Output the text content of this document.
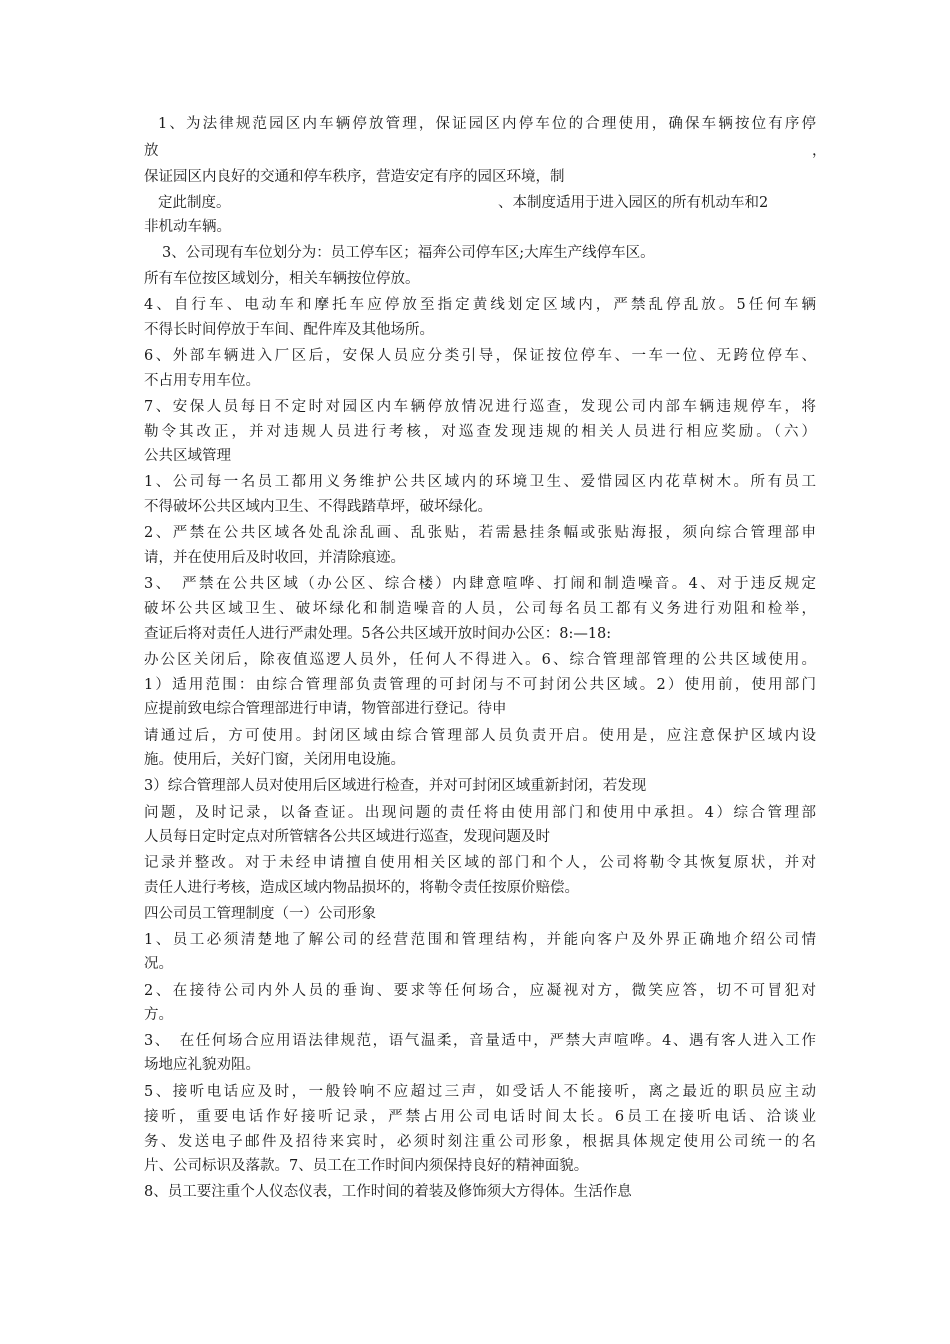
1、为法律规范园区内车辆停放管理，保证园区内停车位的合理使用，确保车辆按位有序停
放	，
保证园区内良好的交通和停车秩序，营造安定有序的园区环境，制
定此制度。	、本制度适用于进入园区的所有机动车和2
非机动车辆。
3、公司现有车位划分为：员工停车区；福奔公司停车区;大库生产线停车区。
所有车位按区域划分，相关车辆按位停放。
4、自行车、电动车和摩托车应停放至指定黄线划定区域内，严禁乱停乱放。5任何车辆
不得长时间停放于车间、配件库及其他场所。
6、外部车辆进入厂区后，安保人员应分类引导，保证按位停车、一车一位、无跨位停车、
不占用专用车位。
7、安保人员每日不定时对园区内车辆停放情况进行巡查，发现公司内部车辆违规停车，将
勒令其改正，并对违规人员进行考核，对巡查发现违规的相关人员进行相应奖励。（六）
公共区域管理
1、公司每一名员工都用义务维护公共区域内的环境卫生、爱惜园区内花草树木。所有员工
不得破坏公共区域内卫生、不得践踏草坪，破坏绿化。
2、严禁在公共区域各处乱涂乱画、乱张贴，若需悬挂条幅或张贴海报，须向综合管理部申
请，并在使用后及时收回，并清除痕迹。
3、　严禁在公共区域（办公区、综合楼）内肆意喧哗、打闹和制造噪音。4、对于违反规定
破坏公共区域卫生、破坏绿化和制造噪音的人员，公司每名员工都有义务进行劝阻和检举，
查证后将对责任人进行严肃处理。5各公共区域开放时间办公区：8:—18:
办公区关闭后，除夜值巡逻人员外，任何人不得进入。6、综合管理部管理的公共区域使用。
1）适用范围：由综合管理部负责管理的可封闭与不可封闭公共区域。2）使用前，使用部门
应提前致电综合管理部进行申请，物管部进行登记。待申
请通过后，方可使用。封闭区域由综合管理部人员负责开启。使用是，应注意保护区域内设
施。使用后，关好门窗，关闭用电设施。
3）综合管理部人员对使用后区域进行检查，并对可封闭区域重新封闭，若发现
问题，及时记录，以备查证。出现问题的责任将由使用部门和使用中承担。4）综合管理部
人员每日定时定点对所管辖各公共区域进行巡查，发现问题及时
记录并整改。对于未经申请擅自使用相关区域的部门和个人，公司将勒令其恢复原状，并对
责任人进行考核，造成区域内物品损坏的，将勒令责任按原价赔偿。
四公司员工管理制度（一）公司形象
1、员工必须清楚地了解公司的经营范围和管理结构，并能向客户及外界正确地介绍公司情
况。
2、在接待公司内外人员的垂询、要求等任何场合，应凝视对方，微笑应答，切不可冒犯对
方。
3、　在任何场合应用语法律规范，语气温柔，音量适中，严禁大声喧哗。4、遇有客人进入工作
场地应礼貌劝阻。
5、接听电话应及时，一般铃响不应超过三声，如受话人不能接听，离之最近的职员应主动
接听，重要电话作好接听记录，严禁占用公司电话时间太长。6员工在接听电话、洽谈业
务、发送电子邮件及招待来宾时，必须时刻注重公司形象，根据具体规定使用公司统一的名
片、公司标识及落款。7、员工在工作时间内须保持良好的精神面貌。
8、员工要注重个人仪态仪表，工作时间的着装及修饰须大方得体。生活作息
